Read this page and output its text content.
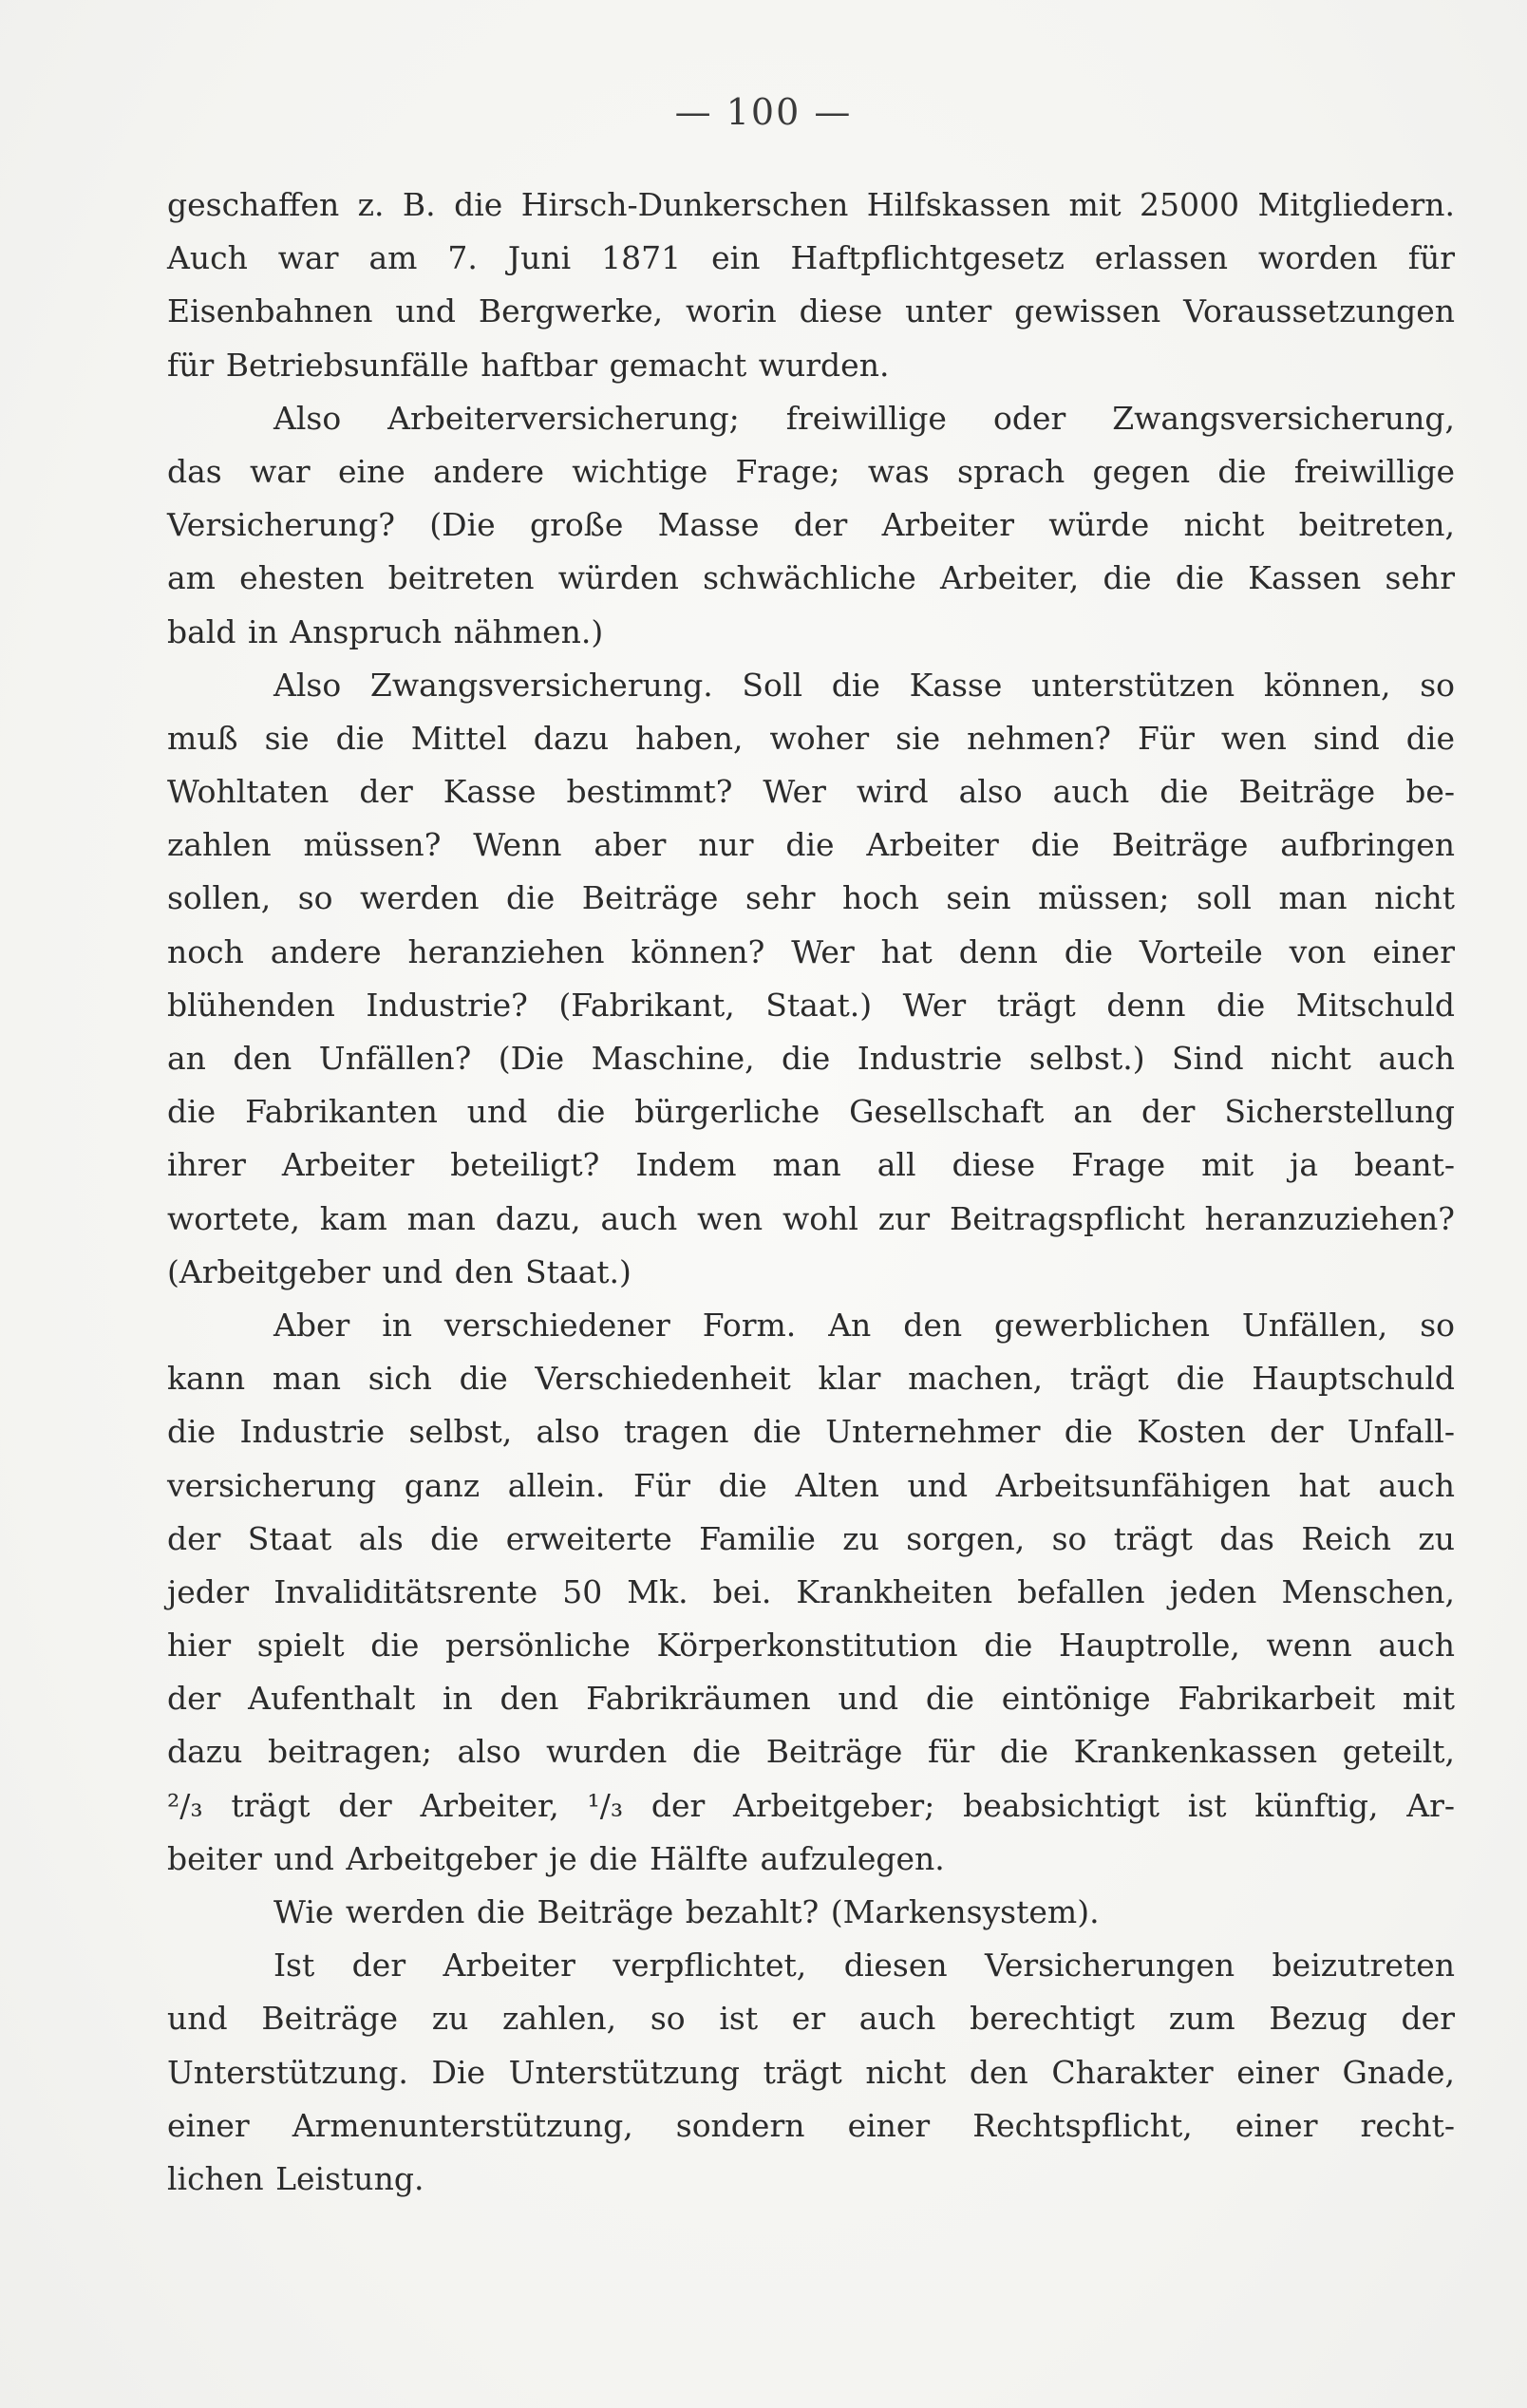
— 100 —
geschaffen z. B. die Hirsch-Dunkerschen Hilfskassen mit 25000 Mitgliedern.
Auch war am 7. Juni 1871 ein Haftpflichtgesetz erlassen worden für
Eisenbahnen und Bergwerke, worin diese unter gewissen Voraussetzungen
für Betriebsunfälle haftbar gemacht wurden.
Also Arbeiterversicherung; freiwillige oder Zwangsversicherung,
das war eine andere wichtige Frage; was sprach gegen die freiwillige
Versicherung? (Die große Masse der Arbeiter würde nicht beitreten,
am ehesten beitreten würden schwächliche Arbeiter, die die Kassen sehr
bald in Anspruch nähmen.)
Also Zwangsversicherung. Soll die Kasse unterstützen können, so
muß sie die Mittel dazu haben, woher sie nehmen? Für wen sind die
Wohltaten der Kasse bestimmt? Wer wird also auch die Beiträge be-
zahlen müssen? Wenn aber nur die Arbeiter die Beiträge aufbringen
sollen, so werden die Beiträge sehr hoch sein müssen; soll man nicht
noch andere heranziehen können? Wer hat denn die Vorteile von einer
blühenden Industrie? (Fabrikant, Staat.) Wer trägt denn die Mitschuld
an den Unfällen? (Die Maschine, die Industrie selbst.) Sind nicht auch
die Fabrikanten und die bürgerliche Gesellschaft an der Sicherstellung
ihrer Arbeiter beteiligt? Indem man all diese Frage mit ja beant-
wortete, kam man dazu, auch wen wohl zur Beitragspflicht heranzuziehen?
(Arbeitgeber und den Staat.)
Aber in verschiedener Form. An den gewerblichen Unfällen, so
kann man sich die Verschiedenheit klar machen, trägt die Hauptschuld
die Industrie selbst, also tragen die Unternehmer die Kosten der Unfall-
versicherung ganz allein. Für die Alten und Arbeitsunfähigen hat auch
der Staat als die erweiterte Familie zu sorgen, so trägt das Reich zu
jeder Invaliditätsrente 50 Mk. bei. Krankheiten befallen jeden Menschen,
hier spielt die persönliche Körperkonstitution die Hauptrolle, wenn auch
der Aufenthalt in den Fabrikräumen und die eintönige Fabrikarbeit mit
dazu beitragen; also wurden die Beiträge für die Krankenkassen geteilt,
²/₃ trägt der Arbeiter, ¹/₃ der Arbeitgeber; beabsichtigt ist künftig, Ar-
beiter und Arbeitgeber je die Hälfte aufzulegen.
Wie werden die Beiträge bezahlt? (Markensystem).
Ist der Arbeiter verpflichtet, diesen Versicherungen beizutreten
und Beiträge zu zahlen, so ist er auch berechtigt zum Bezug der
Unterstützung. Die Unterstützung trägt nicht den Charakter einer Gnade,
einer Armenunterstützung, sondern einer Rechtspflicht, einer recht-
lichen Leistung.
